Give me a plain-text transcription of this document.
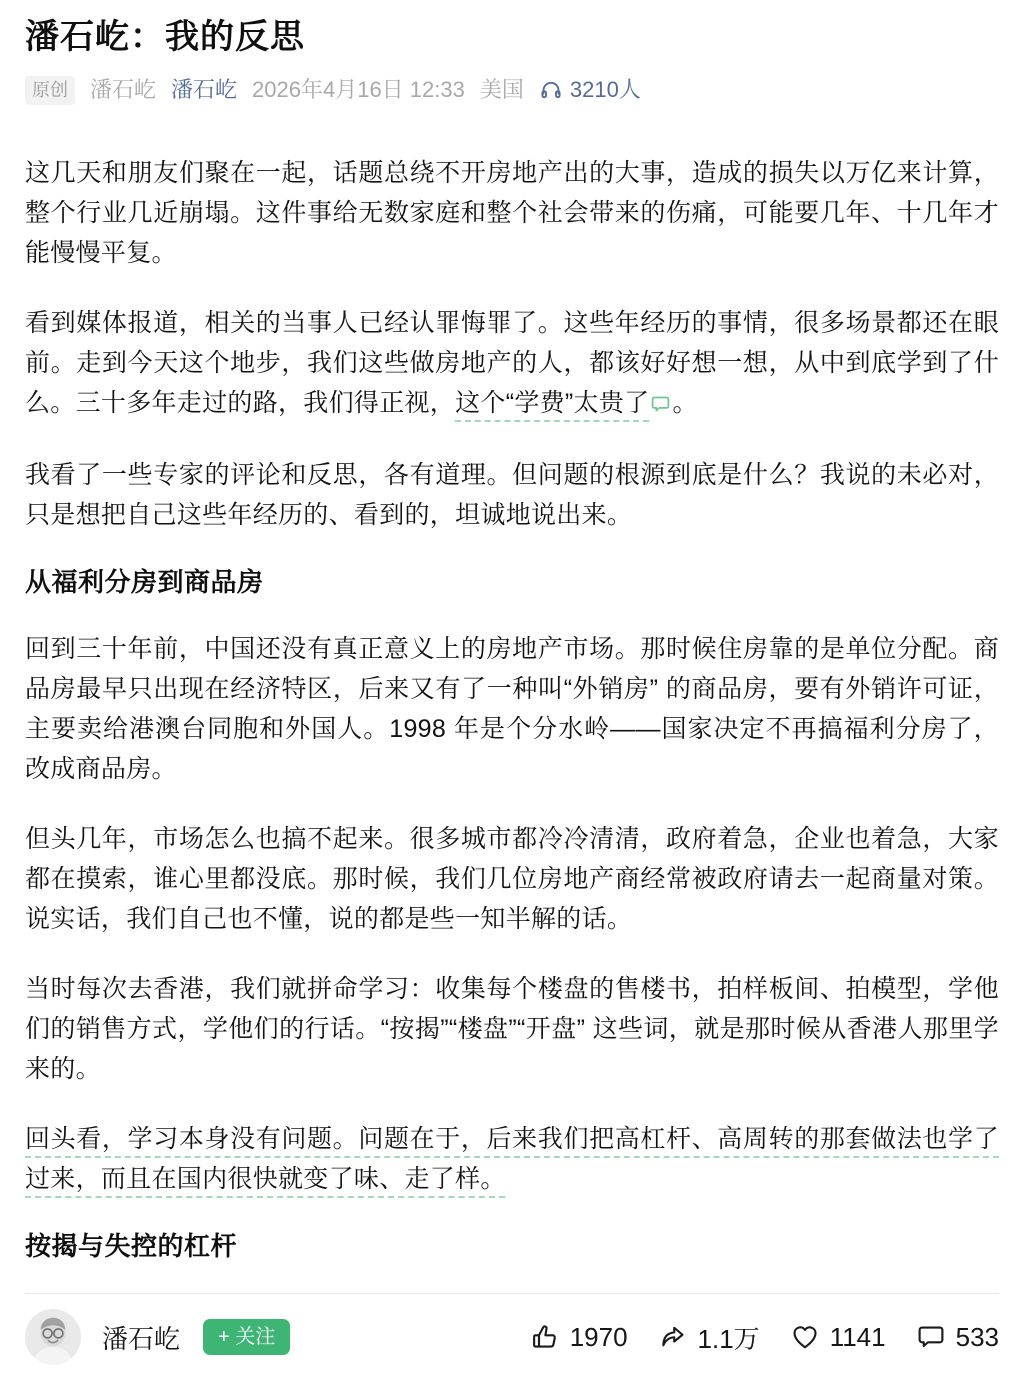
潘石屹：我的反思
原创	潘石屹 潘石屹 2026年4月16日 12:33 美国 3210人

这几天和朋友们聚在一起，话题总绕不开房地产出的大事，造成的损失以万亿来计算，整个行业几近崩塌。这件事给无数家庭和整个社会带来的伤痛，可能要几年、十几年才能慢慢平复。

看到媒体报道，相关的当事人已经认罪悔罪了。这些年经历的事情，很多场景都还在眼前。走到今天这个地步，我们这些做房地产的人，都该好好想一想，从中到底学到了什么。三十多年走过的路，我们得正视，这个“学费”太贵了 。

我看了一些专家的评论和反思，各有道理。但问题的根源到底是什么？我说的未必对，只是想把自己这些年经历的、看到的，坦诚地说出来。

从福利分房到商品房

回到三十年前，中国还没有真正意义上的房地产市场。那时候住房靠的是单位分配。商品房最早只出现在经济特区，后来又有了一种叫“外销房” 的商品房，要有外销许可证，主要卖给港澳台同胞和外国人。1998 年是个分水岭——国家决定不再搞福利分房了，改成商品房。

但头几年，市场怎么也搞不起来。很多城市都冷冷清清，政府着急，企业也着急，大家都在摸索，谁心里都没底。那时候，我们几位房地产商经常被政府请去一起商量对策。说实话，我们自己也不懂，说的都是些一知半解的话。

当时每次去香港，我们就拼命学习：收集每个楼盘的售楼书，拍样板间、拍模型，学他们的销售方式，学他们的行话。“按揭”“楼盘”“开盘” 这些词，就是那时候从香港人那里学来的。

回头看，学习本身没有问题。问题在于，后来我们把高杠杆、高周转的那套做法也学了过来，而且在国内很快就变了味、走了样。

按揭与失控的杠杆
潘石屹	+ 关注	1970	1.1万	1141	533
